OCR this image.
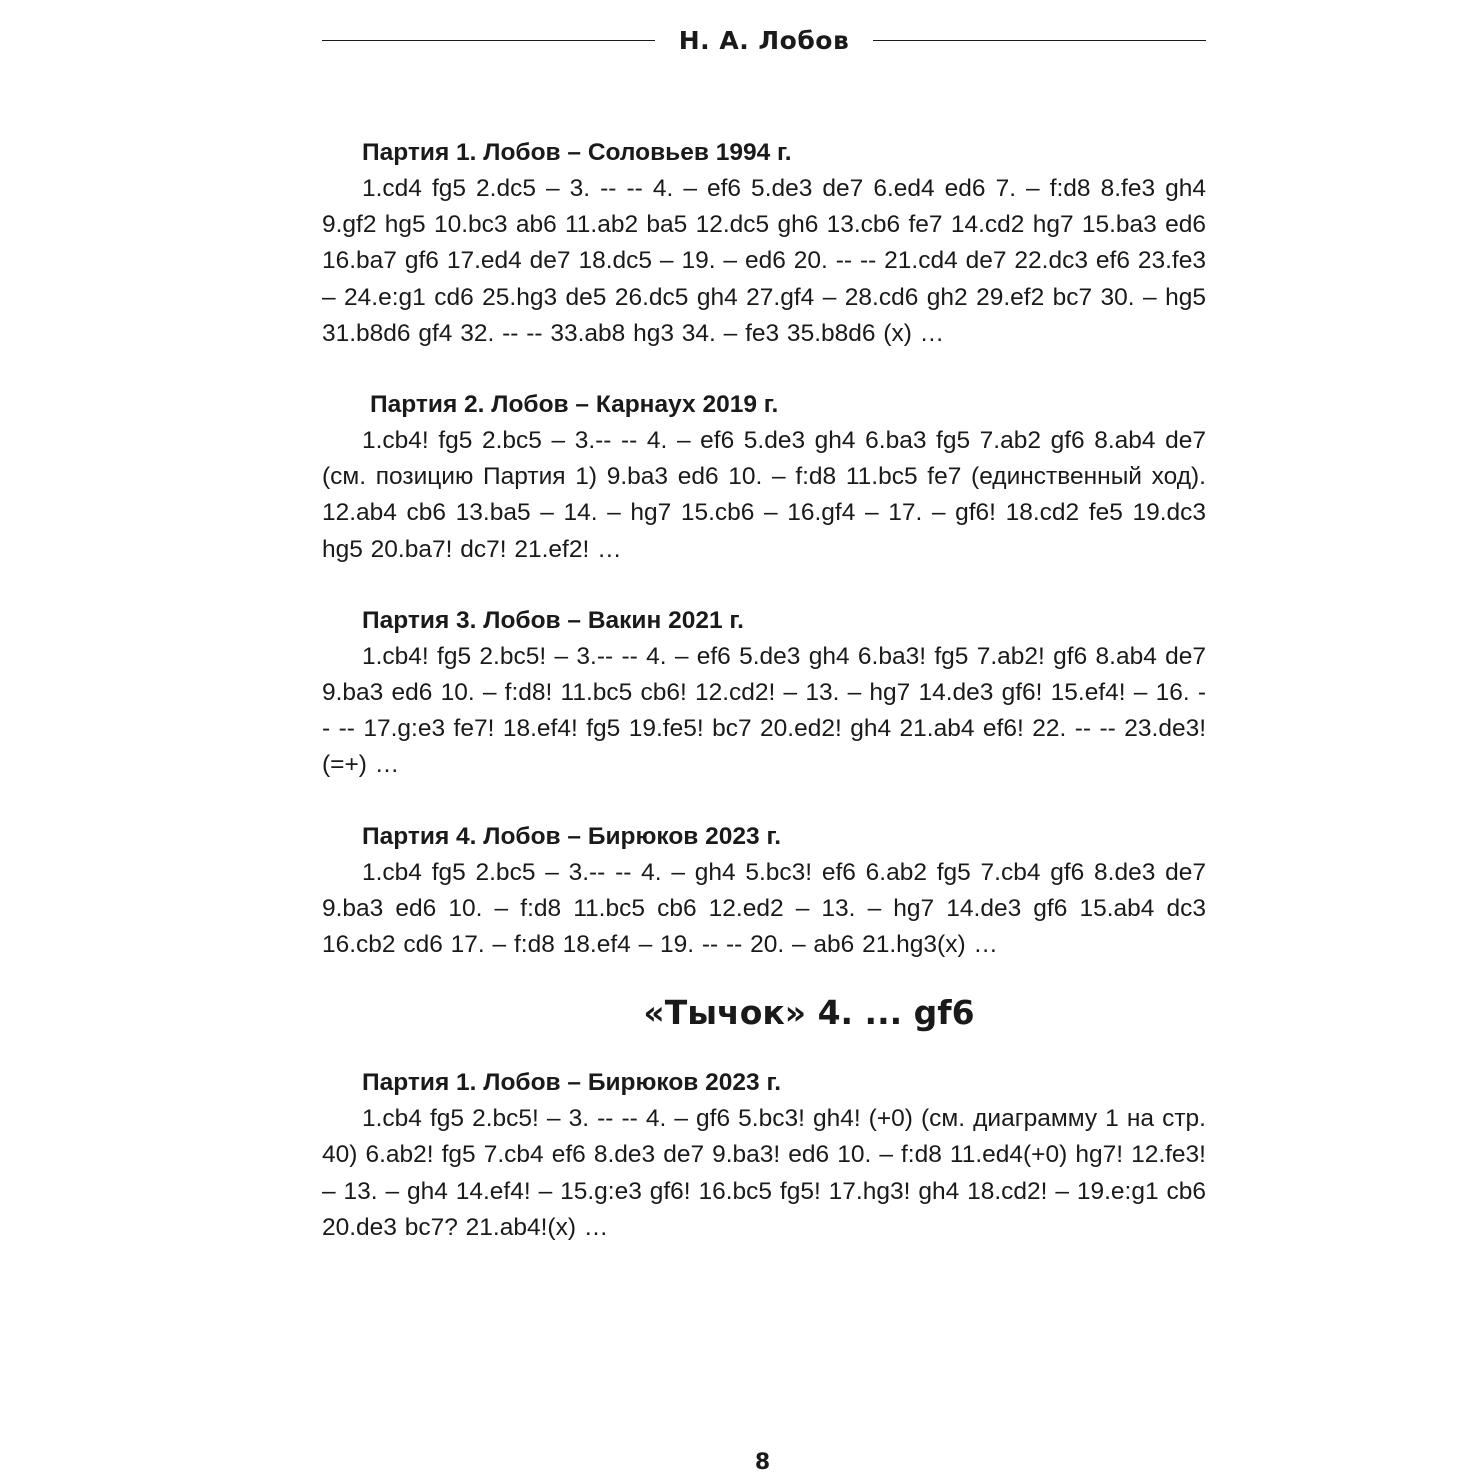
Н. А. Лобов
Партия 1. Лобов – Соловьев 1994 г.
1.cd4 fg5 2.dc5 – 3. -- -- 4. – ef6 5.de3 de7 6.ed4 ed6 7. – f:d8 8.fe3 gh4 9.gf2 hg5 10.bc3 ab6 11.ab2 ba5 12.dc5 gh6 13.cb6 fe7 14.cd2 hg7 15.ba3 ed6 16.ba7 gf6 17.ed4 de7 18.dc5 – 19. – ed6 20. -- -- 21.cd4 de7 22.dc3 ef6 23.fe3 – 24.e:g1 cd6 25.hg3 de5 26.dc5 gh4 27.gf4 – 28.cd6 gh2 29.ef2 bc7 30. – hg5 31.b8d6 gf4 32. -- -- 33.ab8 hg3 34. – fe3 35.b8d6 (x) …
Партия 2. Лобов – Карнаух 2019 г.
1.cb4! fg5 2.bc5 – 3.-- -- 4. – ef6 5.de3 gh4 6.ba3 fg5 7.ab2 gf6 8.ab4 de7 (см. позицию Партия 1) 9.ba3 ed6 10. – f:d8 11.bc5 fe7 (единственный ход). 12.ab4 cb6 13.ba5 – 14. – hg7 15.cb6 – 16.gf4 – 17. – gf6! 18.cd2 fe5 19.dc3 hg5 20.ba7! dc7! 21.ef2! …
Партия 3. Лобов – Вакин 2021 г.
1.cb4! fg5 2.bc5! – 3.-- -- 4. – ef6 5.de3 gh4 6.ba3! fg5 7.ab2! gf6 8.ab4 de7 9.ba3 ed6 10. – f:d8! 11.bc5 cb6! 12.cd2! – 13. – hg7 14.de3 gf6! 15.ef4! – 16. -- -- 17.g:e3 fe7! 18.ef4! fg5 19.fe5! bc7 20.ed2! gh4 21.ab4 ef6! 22. -- -- 23.de3! (=+) …
Партия 4. Лобов – Бирюков 2023 г.
1.cb4 fg5 2.bc5 – 3.-- -- 4. – gh4 5.bc3! ef6 6.ab2 fg5 7.cb4 gf6 8.de3 de7 9.ba3 ed6 10. – f:d8 11.bc5 cb6 12.ed2 – 13. – hg7 14.de3 gf6 15.ab4 dc3 16.cb2 cd6 17. – f:d8 18.ef4 – 19. -- -- 20. – ab6 21.hg3(x) …
«Тычок» 4. ... gf6
Партия 1. Лобов – Бирюков 2023 г.
1.cb4 fg5 2.bc5! – 3. -- -- 4. – gf6 5.bc3! gh4! (+0) (см. диаграмму 1 на стр. 40) 6.ab2! fg5 7.cb4 ef6 8.de3 de7 9.ba3! ed6 10. – f:d8 11.ed4(+0) hg7! 12.fe3! – 13. – gh4 14.ef4! – 15.g:e3 gf6! 16.bc5 fg5! 17.hg3! gh4 18.cd2! – 19.e:g1 cb6 20.de3 bc7? 21.ab4!(x) …
8
